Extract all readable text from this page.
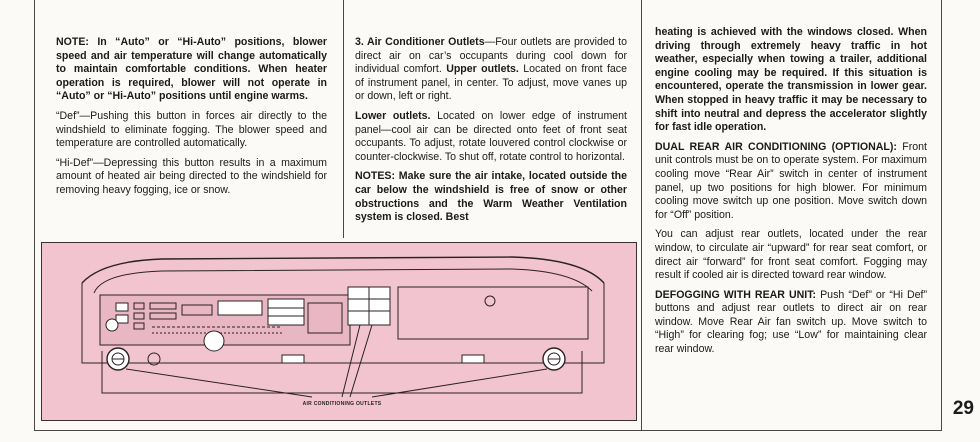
NOTE: In “Auto” or “Hi-Auto” positions, blower speed and air temperature will change automatically to maintain comfortable conditions. When heater operation is required, blower will not operate in “Auto” or “Hi-Auto” positions until engine warms.

“Def”—Pushing this button in forces air directly to the windshield to eliminate fogging. The blower speed and temperature are controlled automatically.

“Hi-Def”—Depressing this button results in a maximum amount of heated air being directed to the windshield for removing heavy fogging, ice or snow.

3. Air Conditioner Outlets—Four outlets are provided to direct air on car’s occupants during cool down for individual comfort. Upper outlets. Located on front face of instrument panel, in center. To adjust, move vanes up or down, left or right.

Lower outlets. Located on lower edge of instrument panel—cool air can be directed onto feet of front seat occupants. To adjust, rotate louvered control clockwise or counter-clockwise. To shut off, rotate control to horizontal.

NOTES: Make sure the air intake, located outside the car below the windshield is free of snow or other obstructions and the Warm Weather Ventilation system is closed. Best

heating is achieved with the windows closed. When driving through extremely heavy traffic in hot weather, especially when towing a trailer, additional engine cooling may be required. If this situation is encountered, operate the transmission in lower gear. When stopped in heavy traffic it may be necessary to shift into neutral and depress the accelerator slightly for fast idle operation.

DUAL REAR AIR CONDITIONING (OPTIONAL): Front unit controls must be on to operate system. For maximum cooling move “Rear Air” switch in center of instrument panel, up two positions for high blower. For minimum cooling move switch up one position. Move switch down for “Off” position.

You can adjust rear outlets, located under the rear window, to circulate air “upward” for rear seat comfort, or direct air “forward” for front seat comfort. Fogging may result if cooled air is directed toward rear window.

DEFOGGING WITH REAR UNIT: Push “Def” or “Hi Def” buttons and adjust rear outlets to direct air on rear window. Move Rear Air fan switch up. Move switch to “High” for clearing fog; use “Low” for maintaining clear rear window.

29
AIR CONDITIONING OUTLETS
